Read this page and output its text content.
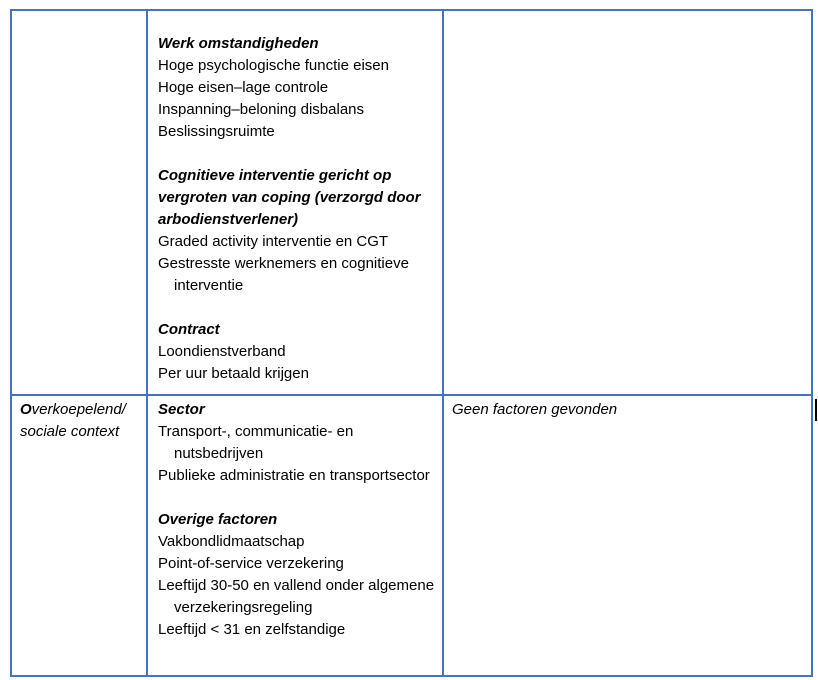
Werk omstandigheden
Hoge psychologische functie eisen
Hoge eisen–lage controle
Inspanning–beloning disbalans
Beslissingsruimte
Cognitieve interventie gericht op vergroten van coping (verzorgd door arbodienstverlener)
Graded activity interventie en CGT
Gestresste werknemers en cognitieve interventie
Contract
Loondienstverband
Per uur betaald krijgen
Overkoepelend/ sociale context
Sector
Transport-, communicatie- en nutsbedrijven
Publieke administratie en transportsector
Overige factoren
Vakbondlidmaatschap
Point-of-service verzekering
Leeftijd 30-50 en vallend onder algemene verzekeringsregeling
Leeftijd < 31 en zelfstandige
Geen factoren gevonden
